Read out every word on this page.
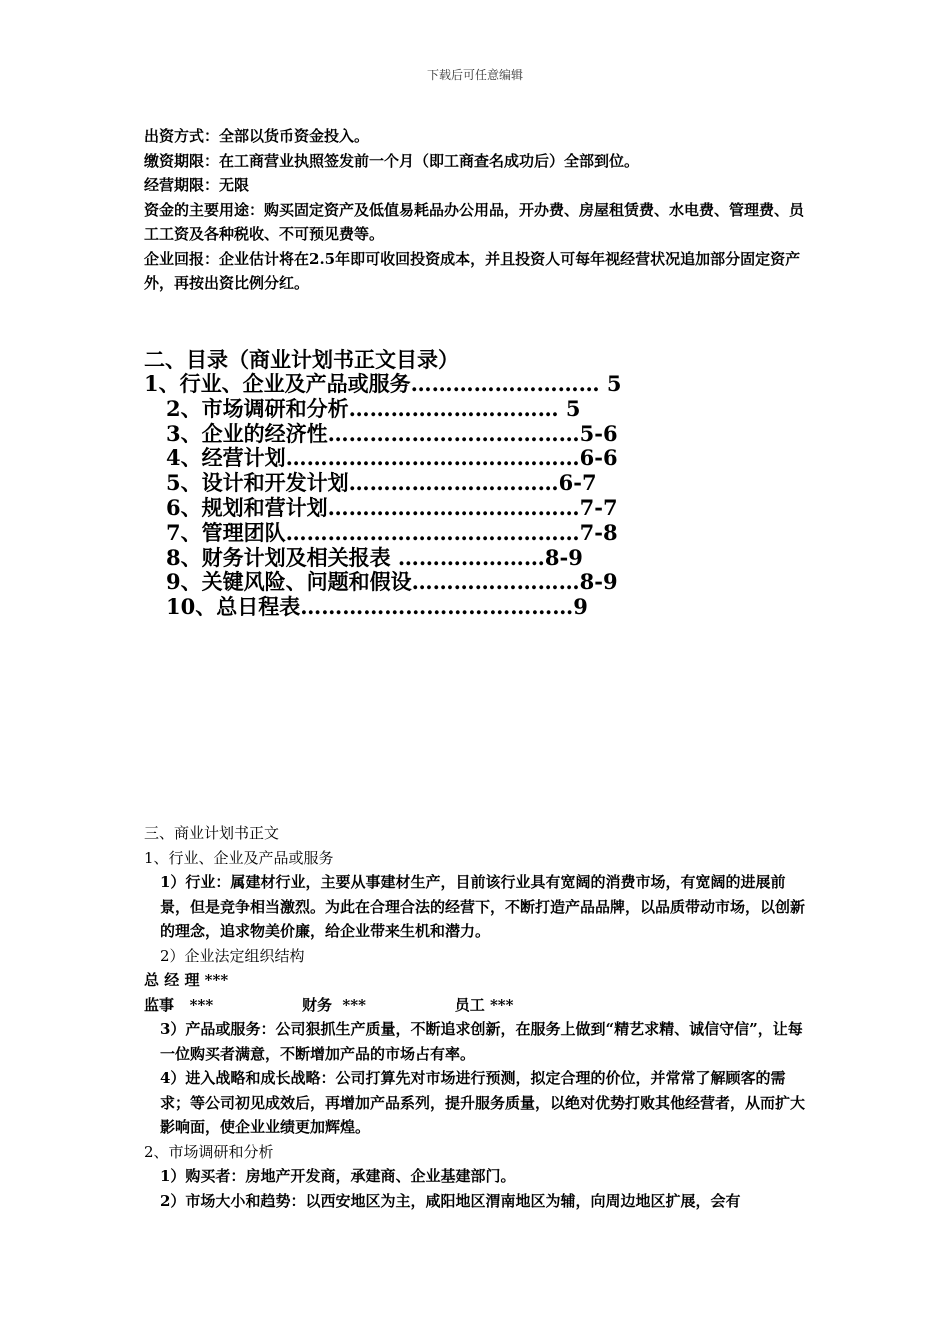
下载后可任意编辑

出资方式：全部以货币资金投入。

缴资期限：在工商营业执照签发前一个月（即工商查名成功后）全部到位。

经营期限：无限

资金的主要用途：购买固定资产及低值易耗品办公用品，开办费、房屋租赁费、水电费、管理费、员工工资及各种税收、不可预见费等。

企业回报：企业估计将在2.5年即可收回投资成本，并且投资人可每年视经营状况追加部分固定资产外，再按出资比例分红。

二、目录（商业计划书正文目录）

1、行业、企业及产品或服务……………………… 5

2、市场调研和分析………………………… 5

3、企业的经济性………………………………5-6

4、经营计划……………………………………6-6

5、设计和开发计划…………………………6-7

6、规划和营计划………………………………7-7

7、管理团队……………………………………7-8

8、财务计划及相关报表 …………………8-9

9、关键风险、问题和假设……………………8-9

10、总日程表…………………………………9

三、商业计划书正文

1、行业、企业及产品或服务

1）行业：属建材行业，主要从事建材生产，目前该行业具有宽阔的消费市场，有宽阔的进展前景，但是竞争相当激烈。为此在合理合法的经营下，不断打造产品品牌，以品质带动市场，以创新的理念，追求物美价廉，给企业带来生机和潜力。

2）企业法定组织结构

总 经 理 ***
监事   ***                 财务  ***                 员工 ***

3）产品或服务：公司狠抓生产质量，不断追求创新，在服务上做到“精艺求精、诚信守信”，让每一位购买者满意，不断增加产品的市场占有率。

4）进入战略和成长战略：公司打算先对市场进行预测，拟定合理的价位，并常常了解顾客的需求；等公司初见成效后，再增加产品系列，提升服务质量，以绝对优势打败其他经营者，从而扩大影响面，使企业业绩更加辉煌。

2、市场调研和分析

1）购买者：房地产开发商，承建商、企业基建部门。

2）市场大小和趋势：以西安地区为主，咸阳地区渭南地区为辅，向周边地区扩展，会有
